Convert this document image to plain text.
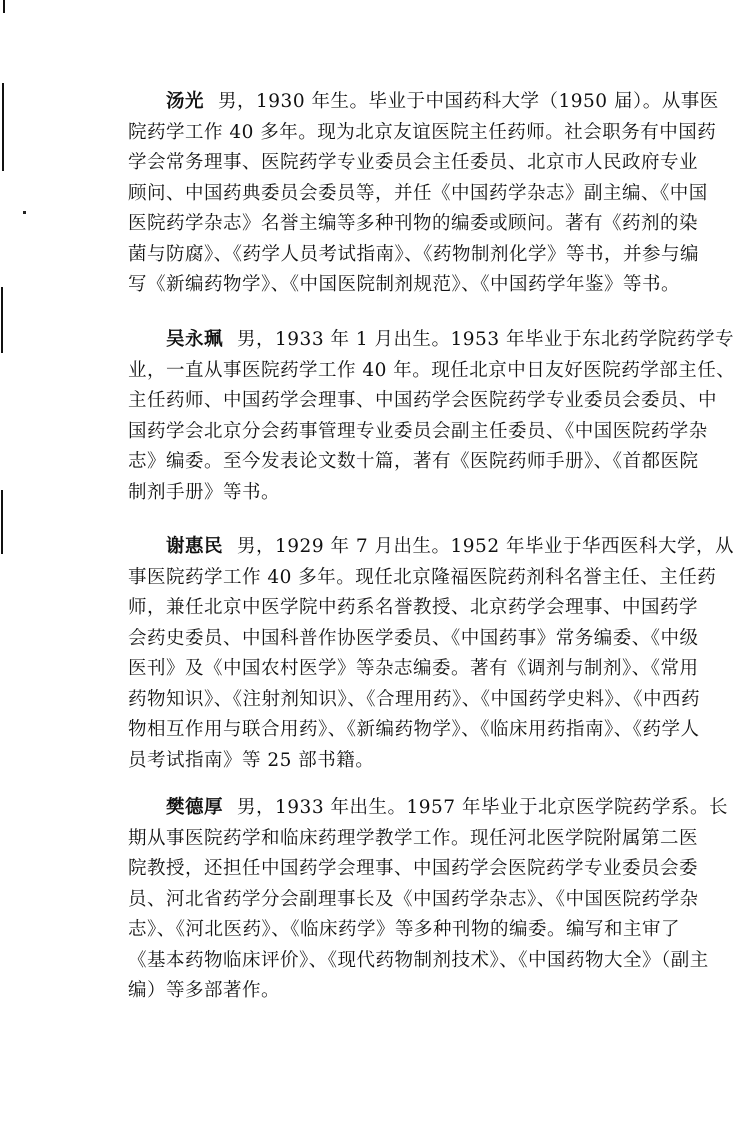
汤光 男，1930 年生。毕业于中国药科大学（1950 届）。从事医
院药学工作 40 多年。现为北京友谊医院主任药师。社会职务有中国药
学会常务理事、医院药学专业委员会主任委员、北京市人民政府专业
顾问、中国药典委员会委员等，并任《中国药学杂志》副主编、《中国
医院药学杂志》名誉主编等多种刊物的编委或顾问。著有《药剂的染
菌与防腐》、《药学人员考试指南》、《药物制剂化学》等书，并参与编
写《新编药物学》、《中国医院制剂规范》、《中国药学年鉴》等书。
吴永珮 男，1933 年 1 月出生。1953 年毕业于东北药学院药学专
业，一直从事医院药学工作 40 年。现任北京中日友好医院药学部主任、
主任药师、中国药学会理事、中国药学会医院药学专业委员会委员、中
国药学会北京分会药事管理专业委员会副主任委员、《中国医院药学杂
志》编委。至今发表论文数十篇，著有《医院药师手册》、《首都医院
制剂手册》等书。
谢惠民 男，1929 年 7 月出生。1952 年毕业于华西医科大学，从
事医院药学工作 40 多年。现任北京隆福医院药剂科名誉主任、主任药
师，兼任北京中医学院中药系名誉教授、北京药学会理事、中国药学
会药史委员、中国科普作协医学委员、《中国药事》常务编委、《中级
医刊》及《中国农村医学》等杂志编委。著有《调剂与制剂》、《常用
药物知识》、《注射剂知识》、《合理用药》、《中国药学史料》、《中西药
物相互作用与联合用药》、《新编药物学》、《临床用药指南》、《药学人
员考试指南》等 25 部书籍。
樊德厚 男，1933 年出生。1957 年毕业于北京医学院药学系。长
期从事医院药学和临床药理学教学工作。现任河北医学院附属第二医
院教授，还担任中国药学会理事、中国药学会医院药学专业委员会委
员、河北省药学分会副理事长及《中国药学杂志》、《中国医院药学杂
志》、《河北医药》、《临床药学》等多种刊物的编委。编写和主审了
《基本药物临床评价》、《现代药物制剂技术》、《中国药物大全》（副主
编）等多部著作。
